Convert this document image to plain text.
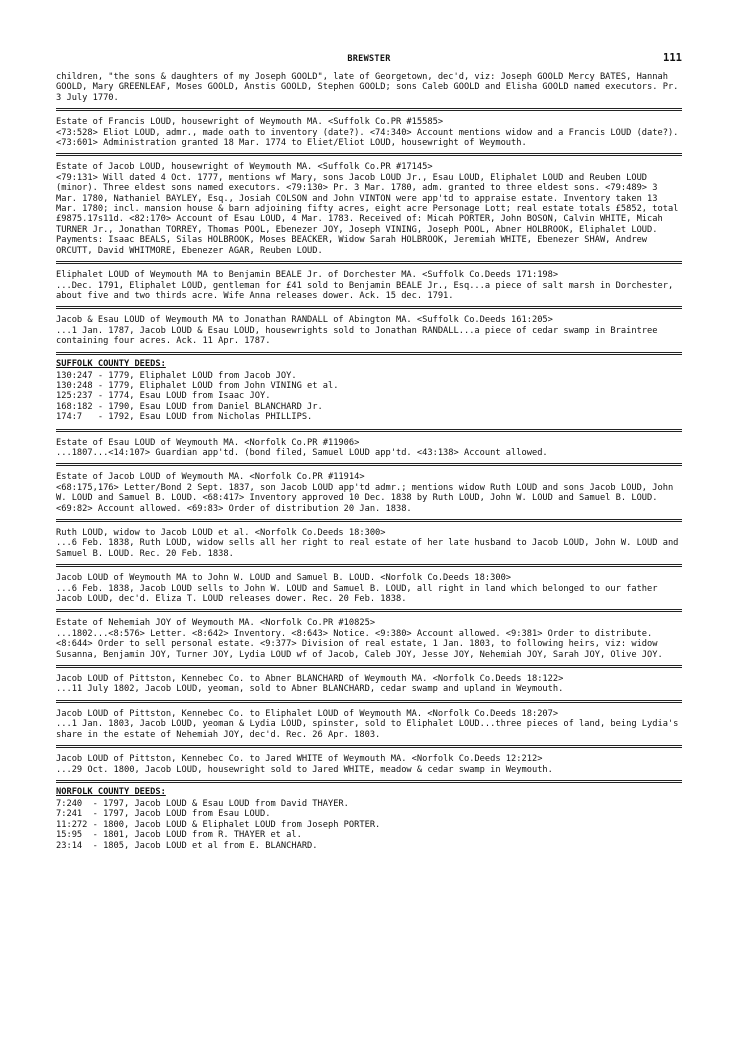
BREWSTER	111

children, "the sons & daughters of my Joseph GOOLD", late of Georgetown, dec'd, viz: Joseph GOOLD Mercy BATES, Hannah GOOLD, Mary GREENLEAF, Moses GOOLD, Anstis GOOLD, Stephen GOOLD; sons Caleb GOOLD and Elisha GOOLD named executors. Pr. 3 July 1770.

Estate of Francis LOUD, housewright of Weymouth MA. <Suffolk Co.PR #15585>
<73:528> Eliot LOUD, admr., made oath to inventory (date?). <74:340> Account mentions widow and a Francis LOUD (date?). <73:601> Administration granted 18 Mar. 1774 to Eliet/Eliot LOUD, housewright of Weymouth.

Estate of Jacob LOUD, housewright of Weymouth MA. <Suffolk Co.PR #17145>
<79:131> Will dated 4 Oct. 1777, mentions wf Mary, sons Jacob LOUD Jr., Esau LOUD, Eliphalet LOUD and Reuben LOUD (minor). Three eldest sons named executors. <79:130> Pr. 3 Mar. 1780, adm. granted to three eldest sons. <79:489> 3 Mar. 1780, Nathaniel BAYLEY, Esq., Josiah COLSON and John VINTON were app'td to appraise estate. Inventory taken 13 Mar. 1780; incl. mansion house & barn adjoining fifty acres, eight acre Personage Lott; real estate totals £5852, total £9875.17s11d. <82:170> Account of Esau LOUD, 4 Mar. 1783. Received of: Micah PORTER, John BOSON, Calvin WHITE, Micah TURNER Jr., Jonathan TORREY, Thomas POOL, Ebenezer JOY, Joseph VINING, Joseph POOL, Abner HOLBROOK, Eliphalet LOUD. Payments: Isaac BEALS, Silas HOLBROOK, Moses BEACKER, Widow Sarah HOLBROOK, Jeremiah WHITE, Ebenezer SHAW, Andrew ORCUTT, David WHITMORE, Ebenezer AGAR, Reuben LOUD.

Eliphalet LOUD of Weymouth MA to Benjamin BEALE Jr. of Dorchester MA. <Suffolk Co.Deeds 171:198>
...Dec. 1791, Eliphalet LOUD, gentleman for £41 sold to Benjamin BEALE Jr., Esq...a piece of salt marsh in Dorchester, about five and two thirds acre. Wife Anna releases dower. Ack. 15 dec. 1791.

Jacob & Esau LOUD of Weymouth MA to Jonathan RANDALL of Abington MA. <Suffolk Co.Deeds 161:205>
...1 Jan. 1787, Jacob LOUD & Esau LOUD, housewrights sold to Jonathan RANDALL...a piece of cedar swamp in Braintree containing four acres. Ack. 11 Apr. 1787.

SUFFOLK COUNTY DEEDS:
130:247 - 1779, Eliphalet LOUD from Jacob JOY.
130:248 - 1779, Eliphalet LOUD from John VINING et al.
125:237 - 1774, Esau LOUD from Isaac JOY.
168:182 - 1790, Esau LOUD from Daniel BLANCHARD Jr.
174:7   - 1792, Esau LOUD from Nicholas PHILLIPS.

Estate of Esau LOUD of Weymouth MA. <Norfolk Co.PR #11906>
...1807...<14:107> Guardian app'td. (bond filed, Samuel LOUD app'td. <43:138> Account allowed.

Estate of Jacob LOUD of Weymouth MA. <Norfolk Co.PR #11914>
<68:175,176> Letter/Bond 2 Sept. 1837, son Jacob LOUD app'td admr.; mentions widow Ruth LOUD and sons Jacob LOUD, John W. LOUD and Samuel B. LOUD. <68:417> Inventory approved 10 Dec. 1838 by Ruth LOUD, John W. LOUD and Samuel B. LOUD. <69:82> Account allowed. <69:83> Order of distribution 20 Jan. 1838.

Ruth LOUD, widow to Jacob LOUD et al. <Norfolk Co.Deeds 18:300>
...6 Feb. 1838, Ruth LOUD, widow sells all her right to real estate of her late husband to Jacob LOUD, John W. LOUD and Samuel B. LOUD. Rec. 20 Feb. 1838.

Jacob LOUD of Weymouth MA to John W. LOUD and Samuel B. LOUD. <Norfolk Co.Deeds 18:300>
...6 Feb. 1838, Jacob LOUD sells to John W. LOUD and Samuel B. LOUD, all right in land which belonged to our father Jacob LOUD, dec'd. Eliza T. LOUD releases dower. Rec. 20 Feb. 1838.

Estate of Nehemiah JOY of Weymouth MA. <Norfolk Co.PR #10825>
...1802...<8:576> Letter. <8:642> Inventory. <8:643> Notice. <9:380> Account allowed. <9:381> Order to distribute. <8:644> Order to sell personal estate. <9:377> Division of real estate, 1 Jan. 1803, to following heirs, viz: widow Susanna, Benjamin JOY, Turner JOY, Lydia LOUD wf of Jacob, Caleb JOY, Jesse JOY, Nehemiah JOY, Sarah JOY, Olive JOY.

Jacob LOUD of Pittston, Kennebec Co. to Abner BLANCHARD of Weymouth MA. <Norfolk Co.Deeds 18:122>
...11 July 1802, Jacob LOUD, yeoman, sold to Abner BLANCHARD, cedar swamp and upland in Weymouth.

Jacob LOUD of Pittston, Kennebec Co. to Eliphalet LOUD of Weymouth MA. <Norfolk Co.Deeds 18:207>
...1 Jan. 1803, Jacob LOUD, yeoman & Lydia LOUD, spinster, sold to Eliphalet LOUD...three pieces of land, being Lydia's share in the estate of Nehemiah JOY, dec'd. Rec. 26 Apr. 1803.

Jacob LOUD of Pittston, Kennebec Co. to Jared WHITE of Weymouth MA. <Norfolk Co.Deeds 12:212>
...29 Oct. 1800, Jacob LOUD, housewright sold to Jared WHITE, meadow & cedar swamp in Weymouth.

NORFOLK COUNTY DEEDS:
7:240  - 1797, Jacob LOUD & Esau LOUD from David THAYER.
7:241  - 1797, Jacob LOUD from Esau LOUD.
11:272 - 1800, Jacob LOUD & Eliphalet LOUD from Joseph PORTER.
15:95  - 1801, Jacob LOUD from R. THAYER et al.
23:14  - 1805, Jacob LOUD et al from E. BLANCHARD.
